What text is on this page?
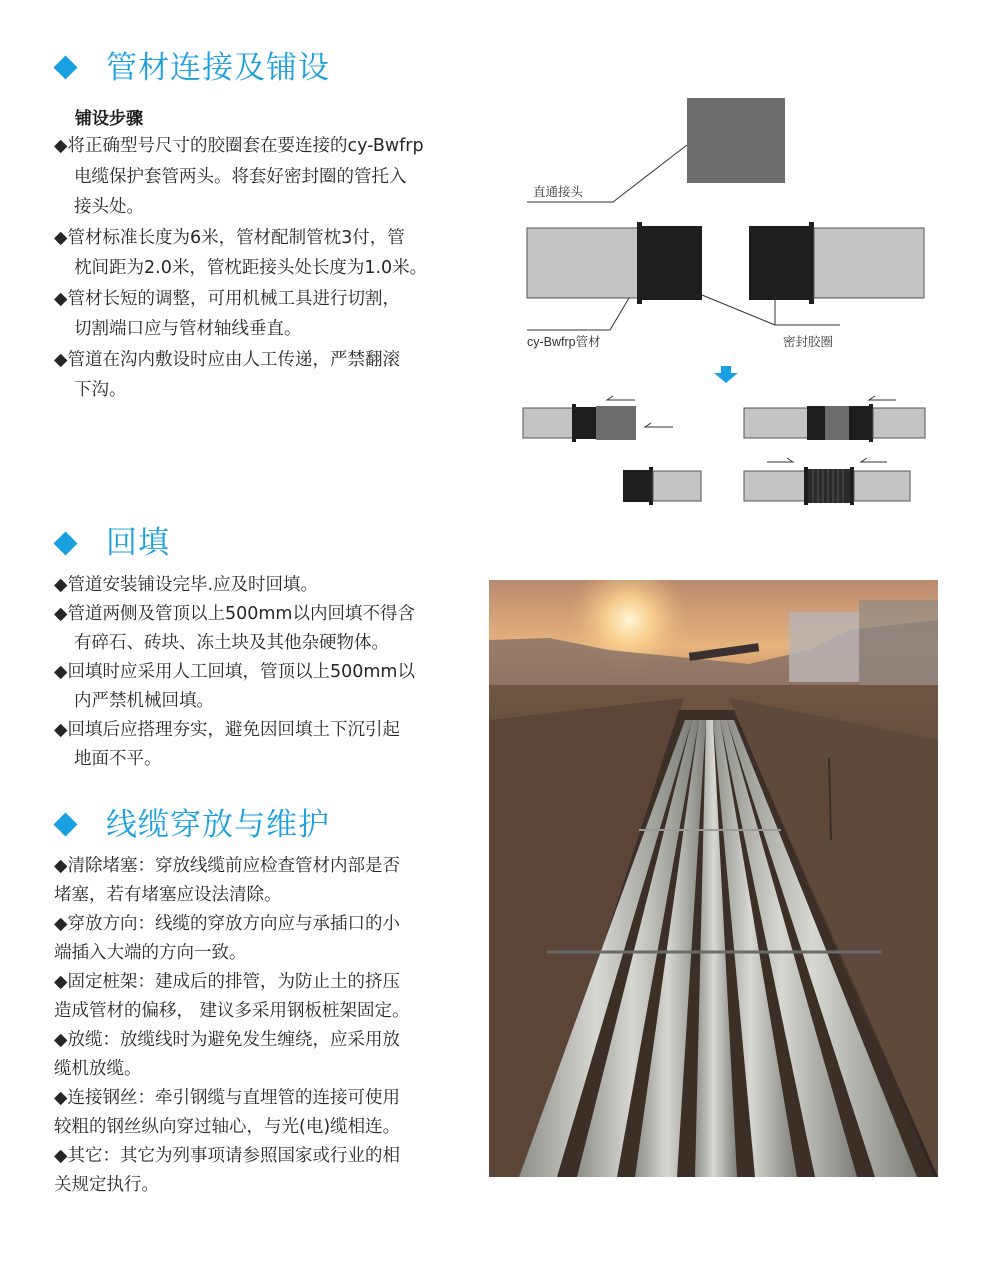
管材连接及铺设
铺设步骤

◆将正确型号尺寸的胶圈套在要连接的cy-Bwfrp
电缆保护套管两头。将套好密封圈的管托入
接头处。

◆管材标准长度为6米，管材配制管枕3付，管
枕间距为2.0米，管枕距接头处长度为1.0米。

◆管材长短的调整，可用机械工具进行切割，
切割端口应与管材轴线垂直。

◆管道在沟内敷设时应由人工传递，严禁翻滚
下沟。

直通接头
cy-Bwfrp管材	密封胶圈
回填

◆管道安装铺设完毕.应及时回填。

◆管道两侧及管顶以上500mm以内回填不得含
有碎石、砖块、冻土块及其他杂硬物体。

◆回填时应采用人工回填，管顶以上500mm以
内严禁机械回填。

◆回填后应搭理夯实，避免因回填土下沉引起
地面不平。

线缆穿放与维护

◆清除堵塞：穿放线缆前应检查管材内部是否
堵塞，若有堵塞应设法清除。

◆穿放方向：线缆的穿放方向应与承插口的小
端插入大端的方向一致。

◆固定桩架：建成后的排管，为防止土的挤压
造成管材的偏移， 建议多采用钢板桩架固定。

◆放缆：放缆线时为避免发生缠绕，应采用放
缆机放缆。

◆连接钢丝：牵引钢缆与直埋管的连接可使用
较粗的钢丝纵向穿过轴心，与光(电)缆相连。

◆其它：其它为列事项请参照国家或行业的相
关规定执行。
